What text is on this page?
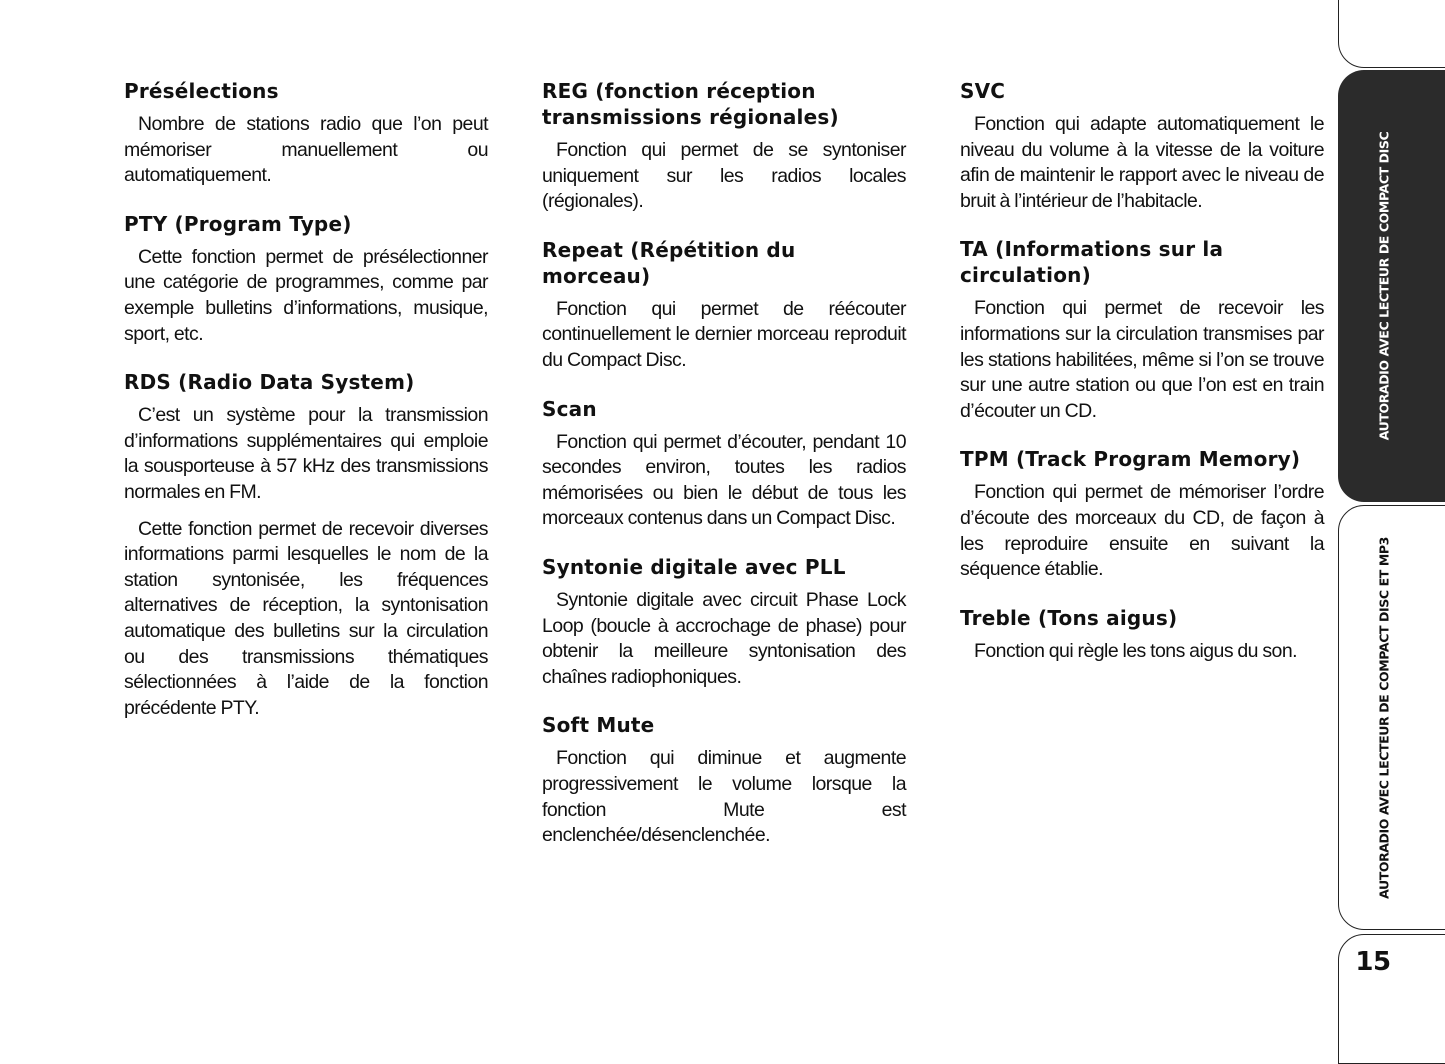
Présélections

Nombre de stations radio que l’on peut mémoriser manuellement ou automatiquement.

PTY (Program Type)

Cette fonction permet de présélectionner une catégorie de programmes, comme par exemple bulletins d’informations, musique, sport, etc.

RDS (Radio Data System)

C’est un système pour la transmission d’informations supplémentaires qui emploie la sousporteuse à 57 kHz des transmissions normales en FM.

Cette fonction permet de recevoir diverses informations parmi lesquelles le nom de la station syntonisée, les fréquences alternatives de réception, la syntonisation automatique des bulletins sur la circulation ou des transmissions thématiques sélectionnées à l’aide de la fonction précédente PTY.

REG (fonction réception transmissions régionales)

Fonction qui permet de se syntoniser uniquement sur les radios locales (régionales).

Repeat (Répétition du morceau)

Fonction qui permet de réécouter continuellement le dernier morceau reproduit du Compact Disc.

Scan

Fonction qui permet d’écouter, pendant 10 secondes environ, toutes les radios mémorisées ou bien le début de tous les morceaux contenus dans un Compact Disc.

Syntonie digitale avec PLL

Syntonie digitale avec circuit Phase Lock Loop (boucle à accrochage de phase) pour obtenir la meilleure syntonisation des chaînes radiophoniques.

Soft Mute

Fonction qui diminue et augmente progressivement le volume lorsque la fonction Mute est enclenchée/désenclenchée.

SVC

Fonction qui adapte automatiquement le niveau du volume à la vitesse de la voiture afin de maintenir le rapport avec le niveau de bruit à l’intérieur de l’habitacle.

TA (Informations sur la circulation)

Fonction qui permet de recevoir les informations sur la circulation transmises par les stations habilitées, même si l’on se trouve sur une autre station ou que l’on est en train d’écouter un CD.

TPM (Track Program Memory)

Fonction qui permet de mémoriser l’ordre d’écoute des morceaux du CD, de façon à les reproduire ensuite en suivant la séquence établie.

Treble (Tons aigus)

Fonction qui règle les tons aigus du son.

AUTORADIO AVEC LECTEUR DE COMPACT DISC
AUTORADIO AVEC LECTEUR DE COMPACT DISC ET MP3
15
